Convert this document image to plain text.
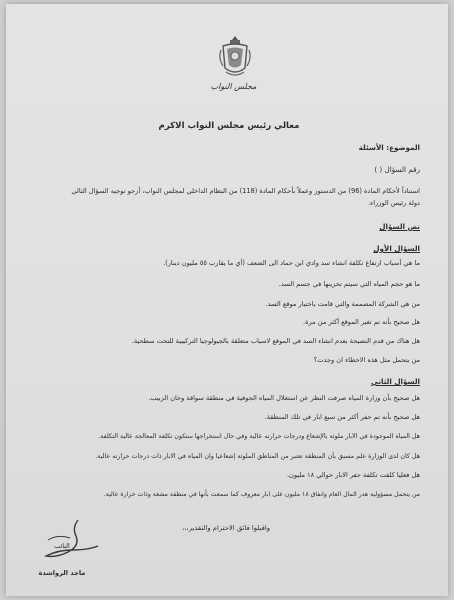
مجلس النواب
معالي رئيس مجلس النواب الاكرم
الموضوع: الأسئلة
رقم السؤال ( )
استناداً لأحكام المادة (96) من الدستور وعملاً بأحكام المادة (118) من النظام الداخلي لمجلس النواب، أرجو توجيه السؤال التالي
دولة رئيس الوزراء.
نص السؤال
السؤال الأول
ما هي أسباب ارتفاع تكلفة انشاء سد وادي ابن حماد الى الضعف (أي ما يقارب ٥٥ مليون دينار).
ما هو حجم المياه التي سيتم تخزينها في جسم السد.
من هي الشركة المصممة والتي قامت باختيار موقع السد.
هل صحيح بأنه تم تغير الموقع أكثر من مرة.
هل هناك من قدم النصيحة بعدم انشاء السد في الموقع لاسباب متعلقة بالجيولوجيا التركيبية للتحت سطحية.
من يتحمل مثل هذه الاخطاء ان وجدت؟
السؤال الثاني
هل صحيح بأن وزارة المياه صرفت النظر عن استغلال المياه الجوفية في منطقة سواقة وخان الزبيب.
هل صحيح بأنه تم حفر أكثر من سبع ابار في تلك المنطقة.
هل المياه الموجودة في الابار ملوثة بالإشعاع ودرجات حرارته عالية وفي حال استخراجها ستكون تكلفة المعالجة عالية التكلفة.
هل كان لدى الوزارة علم مسبق بأن المنطقة تعتبر من المناطق الملوثة إشعاعيا وان المياه في الابار ذات درجات حرارته عالية.
هل فعليا كلفت تكلفة حفر الابار حوالي ١٨ مليون.
من يتحمل مسؤولية هدر المال العام وانفاق ١٨ مليون على ابار معروف كما سمعت بأنها في منطقة مشعة وذات حرارة عالية.
واقبلوا فائق الاحترام والتقدير،،،
النائب
ماجد الرواشدة
